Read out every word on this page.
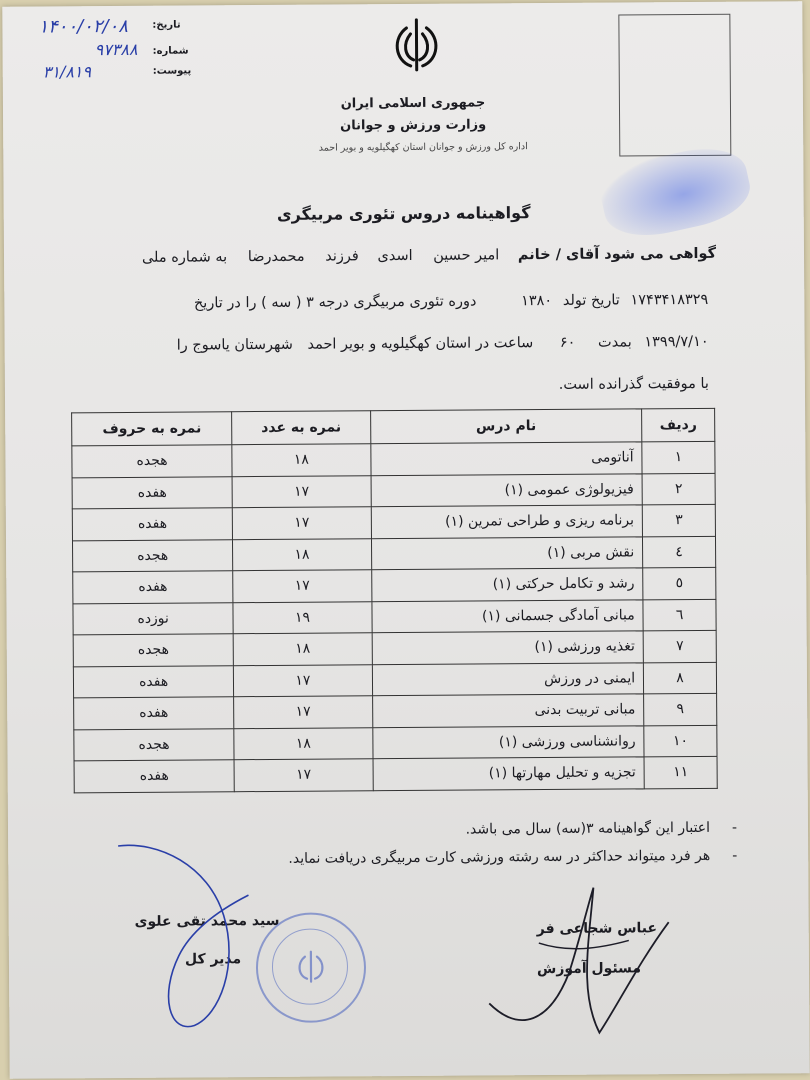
تاریخ:
۱۴۰۰/۰۲/۰۸
شماره:
۹۷۳۸۸
پیوست:
۳۱/۸۱۹
جمهوری اسلامی ایران
وزارت ورزش و جوانان
اداره کل ورزش و جوانان استان کهگیلویه و بویر احمد
گواهینامه دروس تئوری مربیگری
گواهی می شود آقای / خانم امیر حسین اسدی فرزند محمدرضا به شماره ملی
۱۷۴۳۴۱۸۳۲۹ تاریخ تولد ۱۳۸۰ دوره تئوری مربیگری درجه ۳ ( سه ) را در تاریخ
۱۳۹۹/۷/۱۰ بمدت ۶۰ ساعت در استان کهگیلویه و بویر احمد شهرستان یاسوج را
با موفقیت گذرانده است.
ردیف	نام درس	نمره به عدد	نمره به حروف
۱	آناتومی	۱۸	هجده
۲	فیزیولوژی عمومی (۱)	۱۷	هفده
۳	برنامه ریزی و طراحی تمرین (۱)	۱۷	هفده
٤	نقش مربی (۱)	۱۸	هجده
٥	رشد و تکامل حرکتی (۱)	۱۷	هفده
٦	مبانی آمادگی جسمانی (۱)	۱۹	نوزده
۷	تغذیه ورزشی (۱)	۱۸	هجده
۸	ایمنی در ورزش	۱۷	هفده
۹	مبانی تربیت بدنی	۱۷	هفده
۱۰	روانشناسی ورزشی (۱)	۱۸	هجده
۱۱	تجزیه و تحلیل مهارتها (۱)	۱۷	هفده
اعتبار این گواهینامه ۳(سه) سال می باشد. -
هر فرد میتواند حداکثر در سه رشته ورزشی کارت مربیگری دریافت نماید. -
عباس شجاعی فر
مسئول آموزش
سید محمد تقی علوی
مدیر کل
